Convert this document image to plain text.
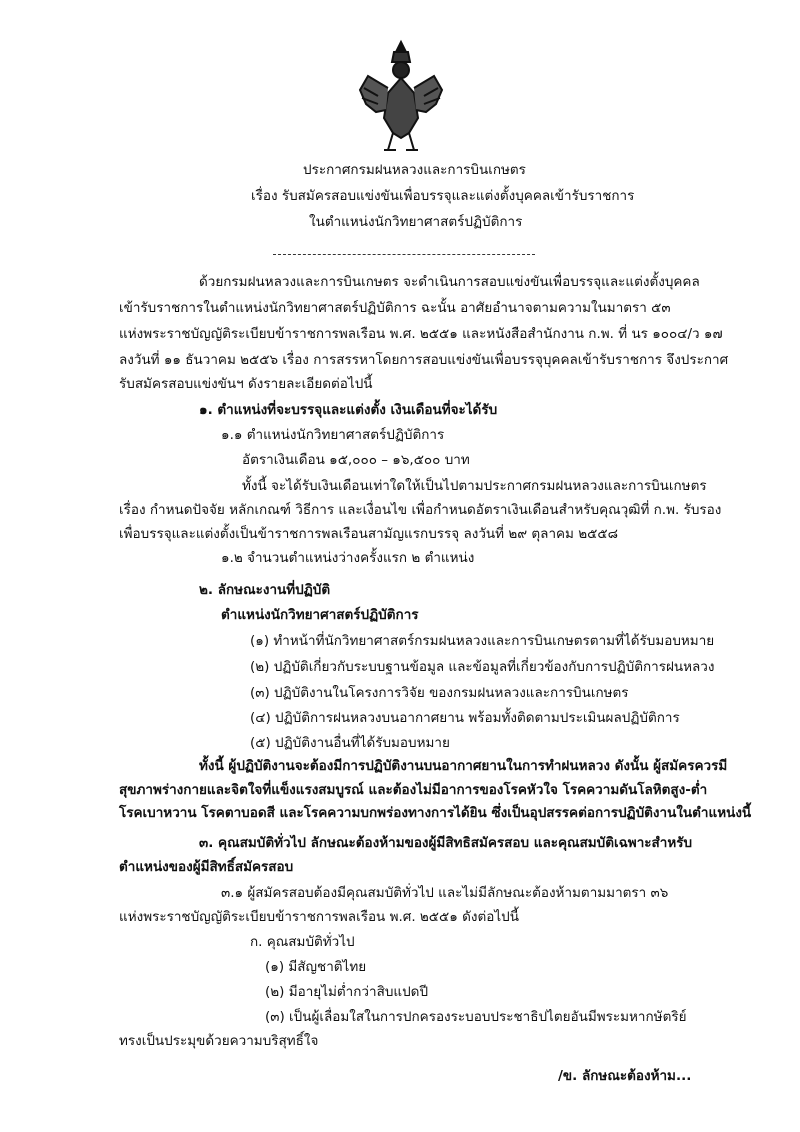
ประกาศกรมฝนหลวงและการบินเกษตร
เรื่อง รับสมัครสอบแข่งขันเพื่อบรรจุและแต่งตั้งบุคคลเข้ารับราชการ
ในตำแหน่งนักวิทยาศาสตร์ปฏิบัติการ
ด้วยกรมฝนหลวงและการบินเกษตร จะดำเนินการสอบแข่งขันเพื่อบรรจุและแต่งตั้งบุคคล
เข้ารับราชการในตำแหน่งนักวิทยาศาสตร์ปฏิบัติการ ฉะนั้น อาศัยอำนาจตามความในมาตรา ๕๓
แห่งพระราชบัญญัติระเบียบข้าราชการพลเรือน พ.ศ. ๒๕๕๑ และหนังสือสำนักงาน ก.พ. ที่ นร ๑๐๐๔/ว ๑๗
ลงวันที่ ๑๑ ธันวาคม ๒๕๕๖ เรื่อง การสรรหาโดยการสอบแข่งขันเพื่อบรรจุบุคคลเข้ารับราชการ จึงประกาศ
รับสมัครสอบแข่งขันฯ ดังรายละเอียดต่อไปนี้
๑. ตำแหน่งที่จะบรรจุและแต่งตั้ง เงินเดือนที่จะได้รับ
๑.๑ ตำแหน่งนักวิทยาศาสตร์ปฏิบัติการ
อัตราเงินเดือน ๑๕,๐๐๐ – ๑๖,๕๐๐ บาท
ทั้งนี้ จะได้รับเงินเดือนเท่าใดให้เป็นไปตามประกาศกรมฝนหลวงและการบินเกษตร
เรื่อง กำหนดปัจจัย หลักเกณฑ์ วิธีการ และเงื่อนไข เพื่อกำหนดอัตราเงินเดือนสำหรับคุณวุฒิที่ ก.พ. รับรอง
เพื่อบรรจุและแต่งตั้งเป็นข้าราชการพลเรือนสามัญแรกบรรจุ ลงวันที่ ๒๙ ตุลาคม ๒๕๕๘
๑.๒ จำนวนตำแหน่งว่างครั้งแรก ๒ ตำแหน่ง
๒. ลักษณะงานที่ปฏิบัติ
ตำแหน่งนักวิทยาศาสตร์ปฏิบัติการ
(๑) ทำหน้าที่นักวิทยาศาสตร์กรมฝนหลวงและการบินเกษตรตามที่ได้รับมอบหมาย
(๒) ปฏิบัติเกี่ยวกับระบบฐานข้อมูล และข้อมูลที่เกี่ยวข้องกับการปฏิบัติการฝนหลวง
(๓) ปฏิบัติงานในโครงการวิจัย ของกรมฝนหลวงและการบินเกษตร
(๔) ปฏิบัติการฝนหลวงบนอากาศยาน พร้อมทั้งติดตามประเมินผลปฏิบัติการ
(๕) ปฏิบัติงานอื่นที่ได้รับมอบหมาย
ทั้งนี้ ผู้ปฏิบัติงานจะต้องมีการปฏิบัติงานบนอากาศยานในการทำฝนหลวง ดังนั้น ผู้สมัครควรมี
สุขภาพร่างกายและจิตใจที่แข็งแรงสมบูรณ์ และต้องไม่มีอาการของโรคหัวใจ โรคความดันโลหิตสูง-ต่ำ
โรคเบาหวาน โรคตาบอดสี และโรคความบกพร่องทางการได้ยิน ซึ่งเป็นอุปสรรคต่อการปฏิบัติงานในตำแหน่งนี้
๓. คุณสมบัติทั่วไป ลักษณะต้องห้ามของผู้มีสิทธิสมัครสอบ และคุณสมบัติเฉพาะสำหรับ
ตำแหน่งของผู้มีสิทธิ์สมัครสอบ
๓.๑ ผู้สมัครสอบต้องมีคุณสมบัติทั่วไป และไม่มีลักษณะต้องห้ามตามมาตรา ๓๖
แห่งพระราชบัญญัติระเบียบข้าราชการพลเรือน พ.ศ. ๒๕๕๑ ดังต่อไปนี้
ก. คุณสมบัติทั่วไป
(๑) มีสัญชาติไทย
(๒) มีอายุไม่ต่ำกว่าสิบแปดปี
(๓) เป็นผู้เลื่อมใสในการปกครองระบอบประชาธิปไตยอันมีพระมหากษัตริย์
ทรงเป็นประมุขด้วยความบริสุทธิ์ใจ
/ข. ลักษณะต้องห้าม...
